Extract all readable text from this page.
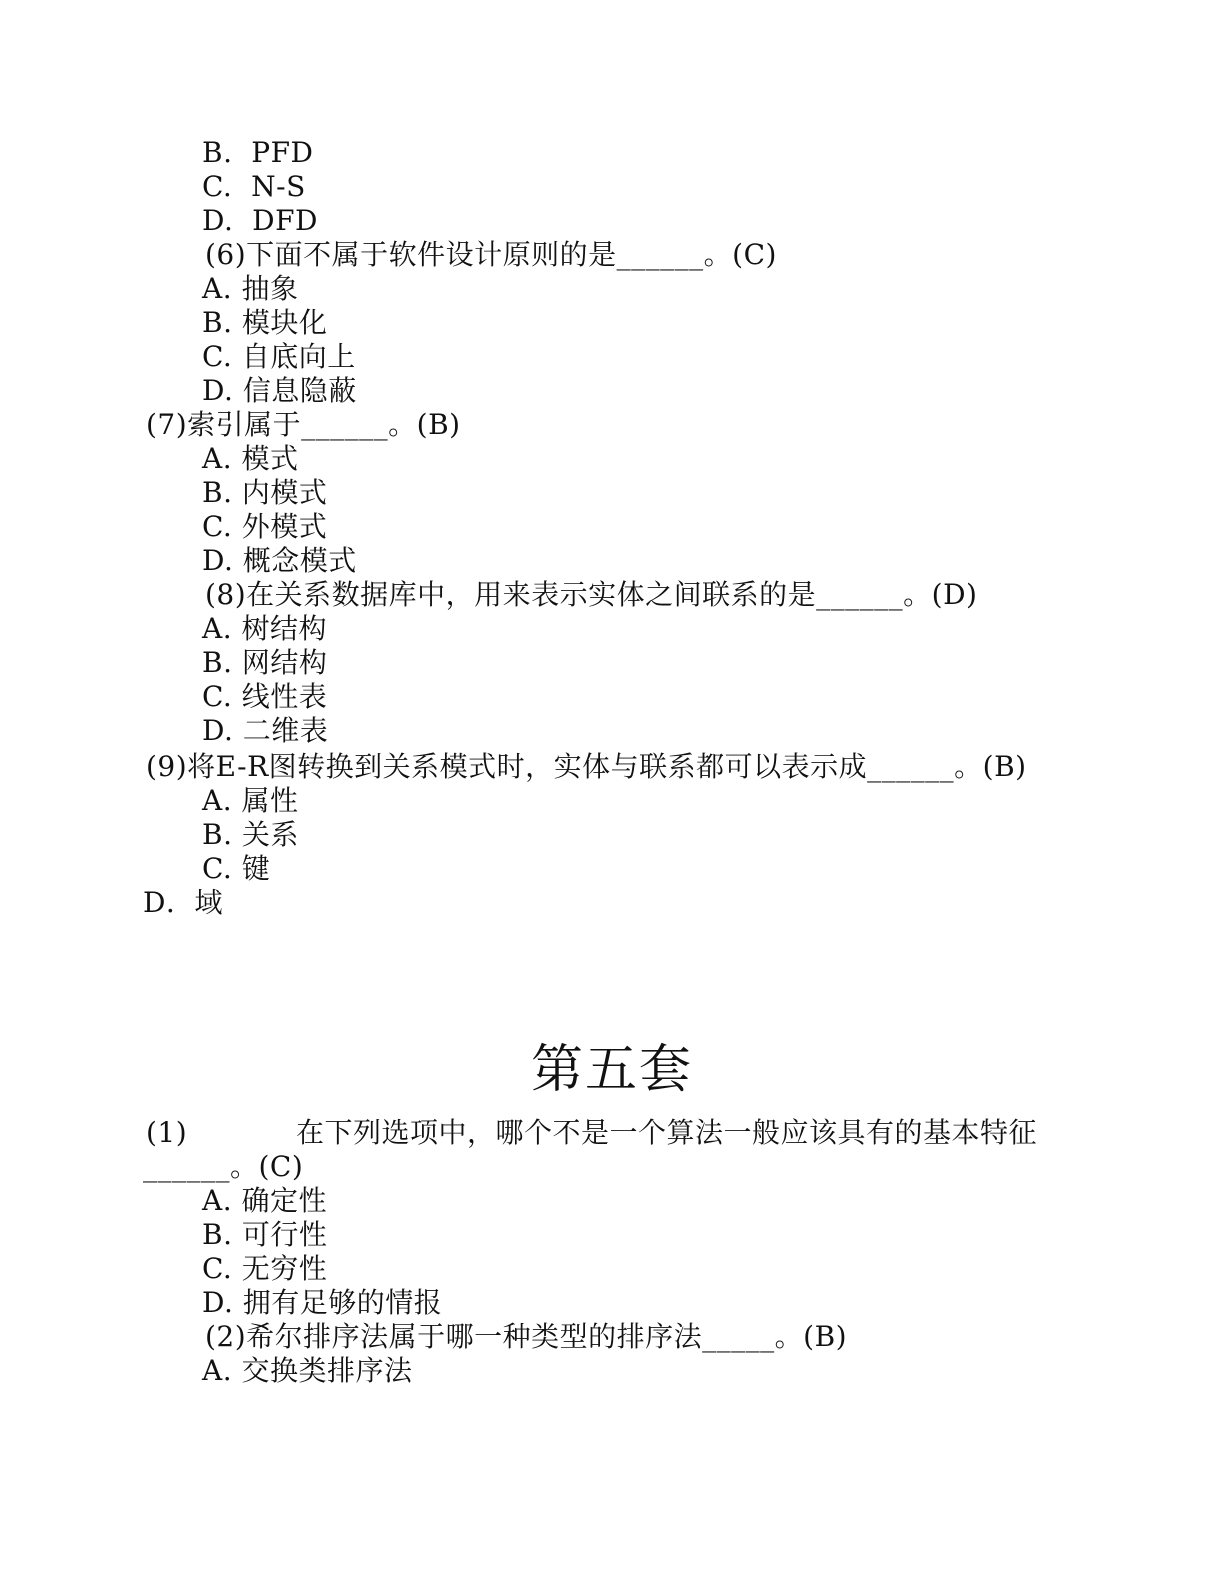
B.  PFD
C.  N-S
D.  DFD
(6)下面不属于软件设计原则的是______。(C)
A. 抽象
B. 模块化
C. 自底向上
D. 信息隐蔽
(7)索引属于______。(B)
A. 模式
B. 内模式
C. 外模式
D. 概念模式
(8)在关系数据库中，用来表示实体之间联系的是______。(D)
A. 树结构
B. 网结构
C. 线性表
D. 二维表
(9)将E-R图转换到关系模式时，实体与联系都可以表示成______。(B)
A. 属性
B. 关系
C. 键
D．域
第五套
(1)	在下列选项中，哪个不是一个算法一般应该具有的基本特征
______。(C)
A. 确定性
B. 可行性
C. 无穷性
D. 拥有足够的情报
(2)希尔排序法属于哪一种类型的排序法_____。(B)
A. 交换类排序法
